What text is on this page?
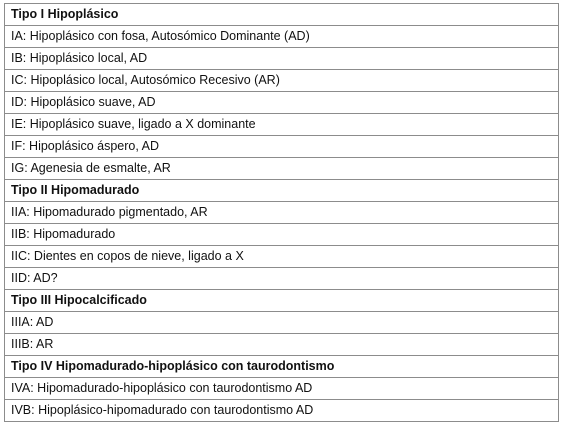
Tipo I Hipoplásico
IA: Hipoplásico con fosa, Autosómico Dominante (AD)
IB: Hipoplásico local, AD
IC: Hipoplásico local, Autosómico Recesivo (AR)
ID: Hipoplásico suave, AD
IE: Hipoplásico suave, ligado a X dominante
IF: Hipoplásico áspero, AD
IG: Agenesia de esmalte, AR
Tipo II Hipomadurado
IIA: Hipomadurado pigmentado, AR
IIB: Hipomadurado
IIC: Dientes en copos de nieve, ligado a X
IID: AD?
Tipo III Hipocalcificado
IIIA: AD
IIIB: AR
Tipo IV Hipomadurado-hipoplásico con taurodontismo
IVA: Hipomadurado-hipoplásico con taurodontismo AD
IVB: Hipoplásico-hipomadurado con taurodontismo AD
